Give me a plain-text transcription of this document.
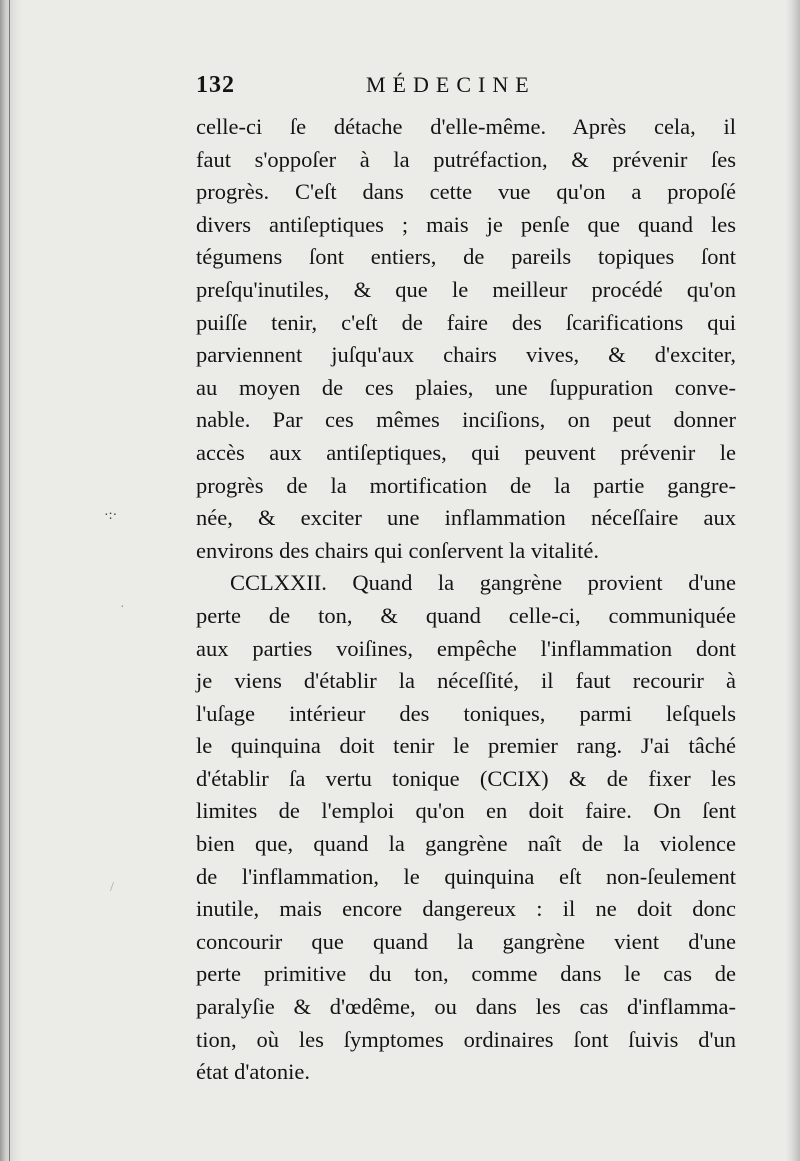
132	MÉDECINE
celle-ci ſe détache d'elle-même. Après cela, il
faut s'oppoſer à la putréfaction, & prévenir ſes
progrès. C'eſt dans cette vue qu'on a propoſé
divers antiſeptiques ; mais je penſe que quand les
tégumens ſont entiers, de pareils topiques ſont
preſqu'inutiles, & que le meilleur procédé qu'on
puiſſe tenir, c'eſt de faire des ſcarifications qui
parviennent juſqu'aux chairs vives, & d'exciter,
au moyen de ces plaies, une ſuppuration conve-
nable. Par ces mêmes inciſions, on peut donner
accès aux antiſeptiques, qui peuvent prévenir le
progrès de la mortification de la partie gangre-
née, & exciter une inflammation néceſſaire aux
environs des chairs qui conſervent la vitalité.
CCLXXII. Quand la gangrène provient d'une
perte de ton, & quand celle-ci, communiquée
aux parties voiſines, empêche l'inflammation dont
je viens d'établir la néceſſité, il faut recourir à
l'uſage intérieur des toniques, parmi leſquels
le quinquina doit tenir le premier rang. J'ai tâché
d'établir ſa vertu tonique (CCIX) & de fixer les
limites de l'emploi qu'on en doit faire. On ſent
bien que, quand la gangrène naît de la violence
de l'inflammation, le quinquina eſt non-ſeulement
inutile, mais encore dangereux : il ne doit donc
concourir que quand la gangrène vient d'une
perte primitive du ton, comme dans le cas de
paralyſie & d'œdême, ou dans les cas d'inflamma-
tion, où les ſymptomes ordinaires ſont ſuivis d'un
état d'atonie.
·:·
·
/
